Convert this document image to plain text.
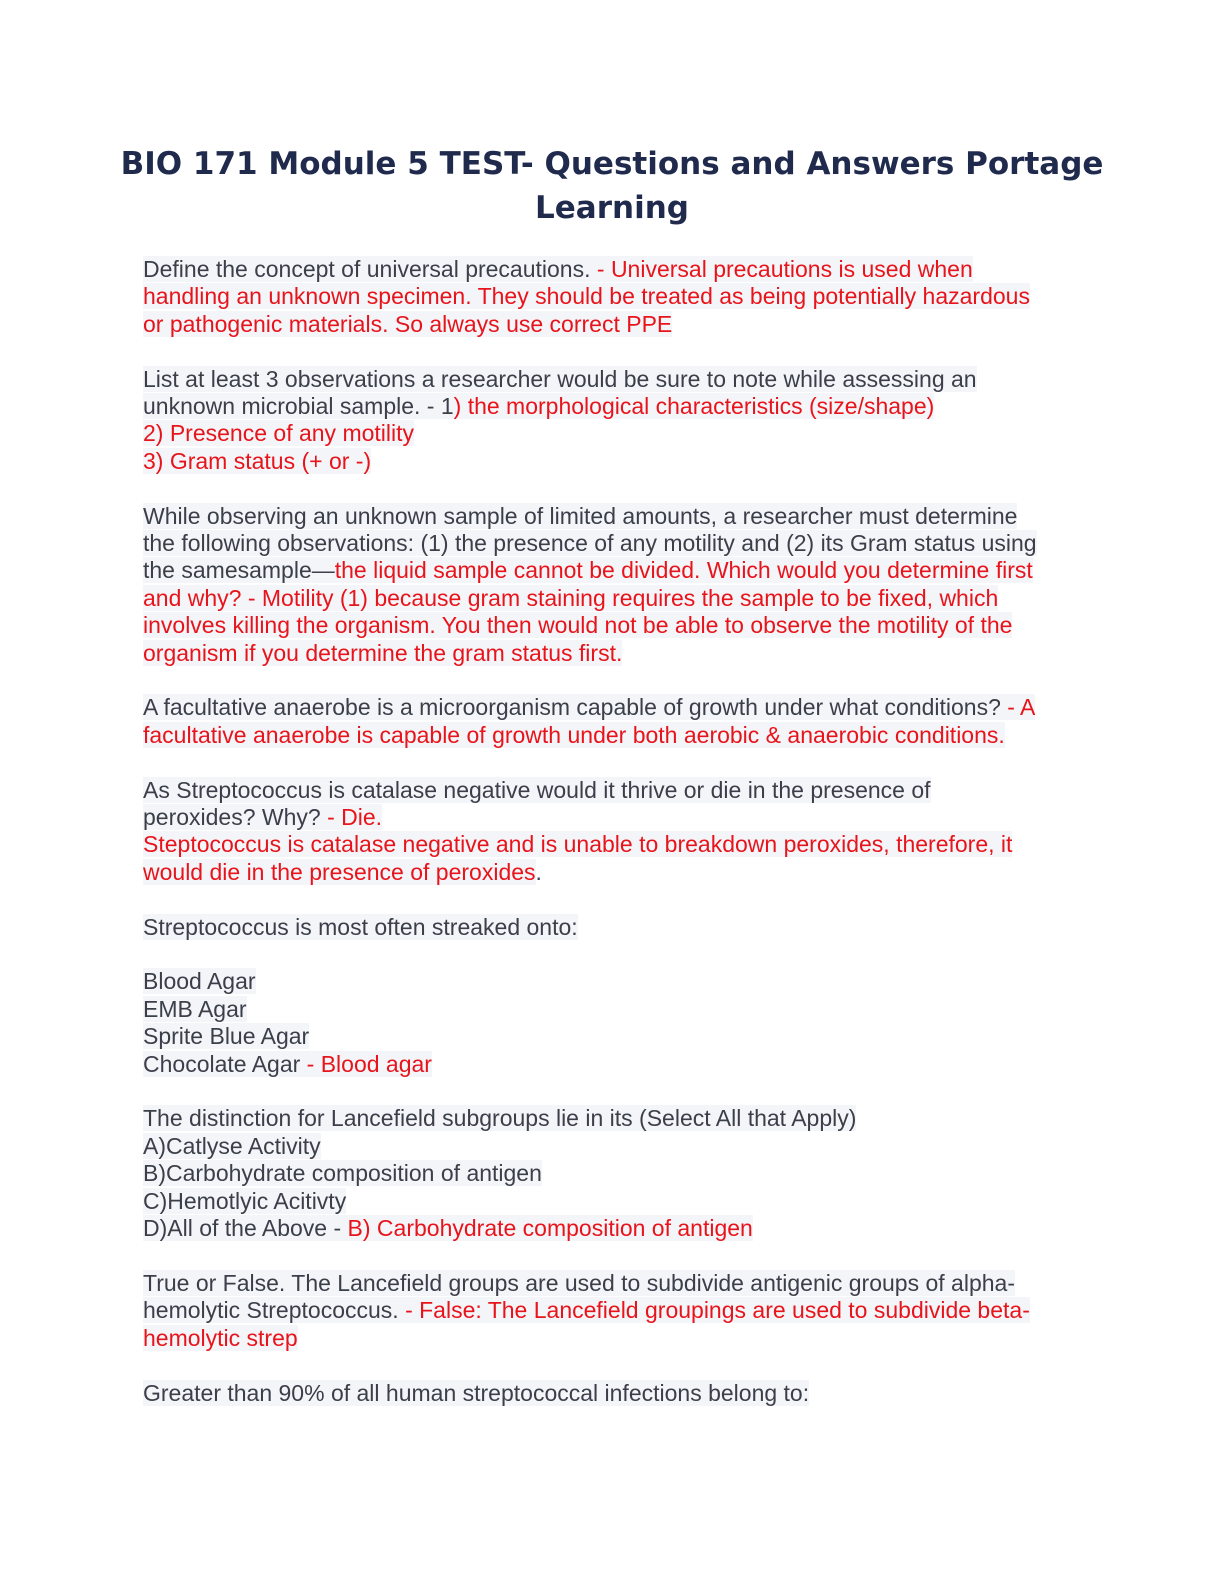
BIO 171 Module 5 TEST- Questions and Answers Portage
Learning
Define the concept of universal precautions. - Universal precautions is used when
handling an unknown specimen. They should be treated as being potentially hazardous
or pathogenic materials. So always use correct PPE
List at least 3 observations a researcher would be sure to note while assessing an
unknown microbial sample. - 1) the morphological characteristics (size/shape)
2) Presence of any motility
3) Gram status (+ or -)
While observing an unknown sample of limited amounts, a researcher must determine
the following observations: (1) the presence of any motility and (2) its Gram status using
the samesample—the liquid sample cannot be divided. Which would you determine first
and why? - Motility (1) because gram staining requires the sample to be fixed, which
involves killing the organism. You then would not be able to observe the motility of the
organism if you determine the gram status first.
A facultative anaerobe is a microorganism capable of growth under what conditions? - A
facultative anaerobe is capable of growth under both aerobic & anaerobic conditions.
As Streptococcus is catalase negative would it thrive or die in the presence of
peroxides? Why? - Die.
Steptococcus is catalase negative and is unable to breakdown peroxides, therefore, it
would die in the presence of peroxides.
Streptococcus is most often streaked onto:
Blood Agar
EMB Agar
Sprite Blue Agar
Chocolate Agar - Blood agar
The distinction for Lancefield subgroups lie in its (Select All that Apply)
A)Catlyse Activity
B)Carbohydrate composition of antigen
C)Hemotlyic Acitivty
D)All of the Above - B) Carbohydrate composition of antigen
True or False. The Lancefield groups are used to subdivide antigenic groups of alpha-
hemolytic Streptococcus. - False: The Lancefield groupings are used to subdivide beta-
hemolytic strep
Greater than 90% of all human streptococcal infections belong to:
